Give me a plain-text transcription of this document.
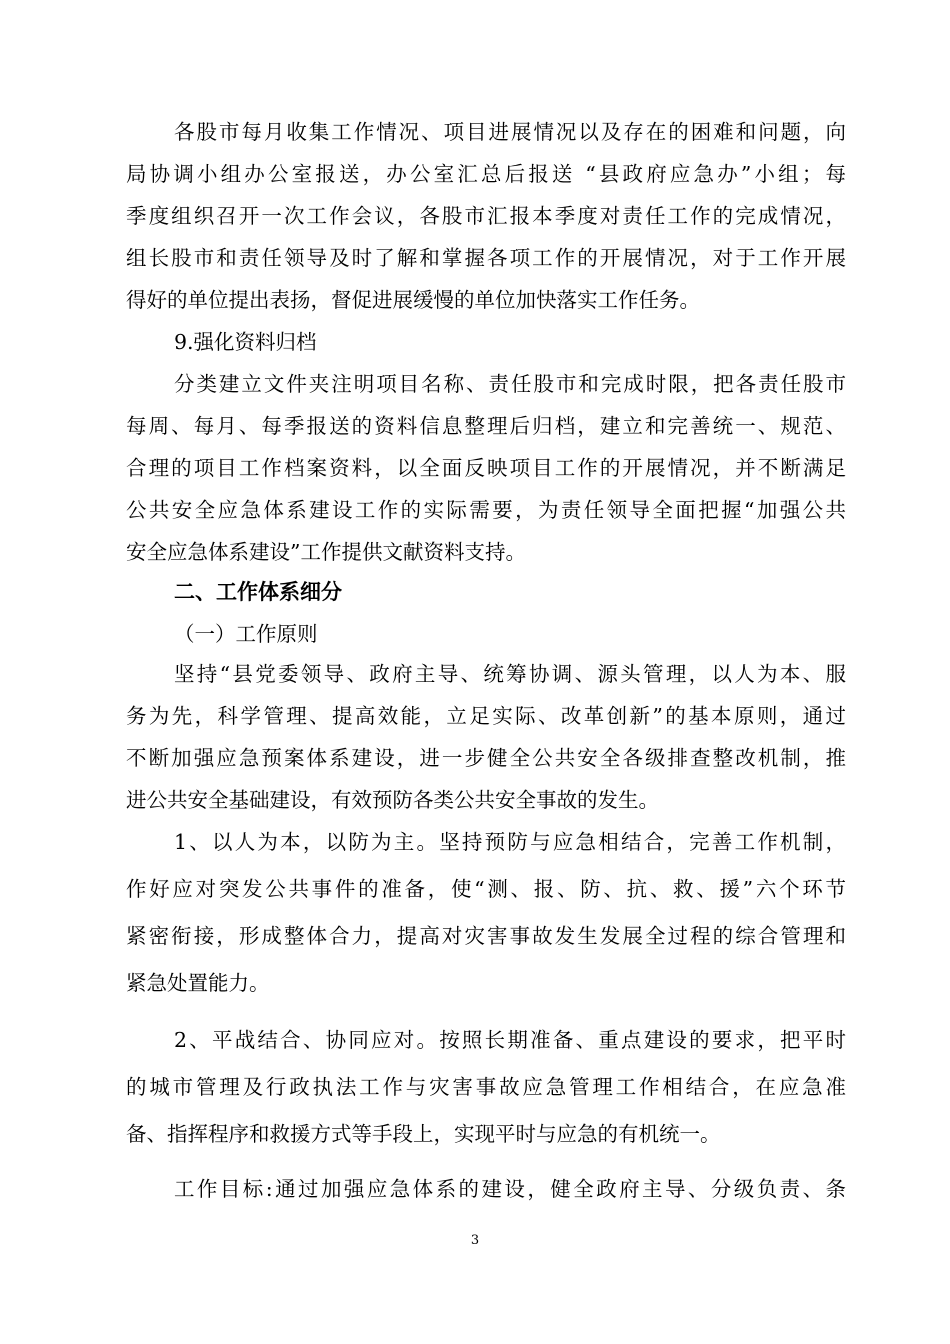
各股市每月收集工作情况、项目进展情况以及存在的困难和问题，向
局协调小组办公室报送，办公室汇总后报送 “县政府应急办”小组；每
季度组织召开一次工作会议，各股市汇报本季度对责任工作的完成情况，
组长股市和责任领导及时了解和掌握各项工作的开展情况，对于工作开展
得好的单位提出表扬，督促进展缓慢的单位加快落实工作任务。
9.强化资料归档
分类建立文件夹注明项目名称、责任股市和完成时限，把各责任股市
每周、每月、每季报送的资料信息整理后归档，建立和完善统一、规范、
合理的项目工作档案资料，以全面反映项目工作的开展情况，并不断满足
公共安全应急体系建设工作的实际需要，为责任领导全面把握“加强公共
安全应急体系建设”工作提供文献资料支持。
二、工作体系细分
（一）工作原则
坚持“县党委领导、政府主导、统筹协调、源头管理，以人为本、服
务为先，科学管理、提高效能，立足实际、改革创新”的基本原则，通过
不断加强应急预案体系建设，进一步健全公共安全各级排查整改机制，推
进公共安全基础建设，有效预防各类公共安全事故的发生。
1、以人为本，以防为主。坚持预防与应急相结合，完善工作机制，
作好应对突发公共事件的准备，使“测、报、防、抗、救、援”六个环节
紧密衔接，形成整体合力，提高对灾害事故发生发展全过程的综合管理和
紧急处置能力。
2、平战结合、协同应对。按照长期准备、重点建设的要求，把平时
的城市管理及行政执法工作与灾害事故应急管理工作相结合，在应急准
备、指挥程序和救援方式等手段上，实现平时与应急的有机统一。
工作目标:通过加强应急体系的建设，健全政府主导、分级负责、条
3
